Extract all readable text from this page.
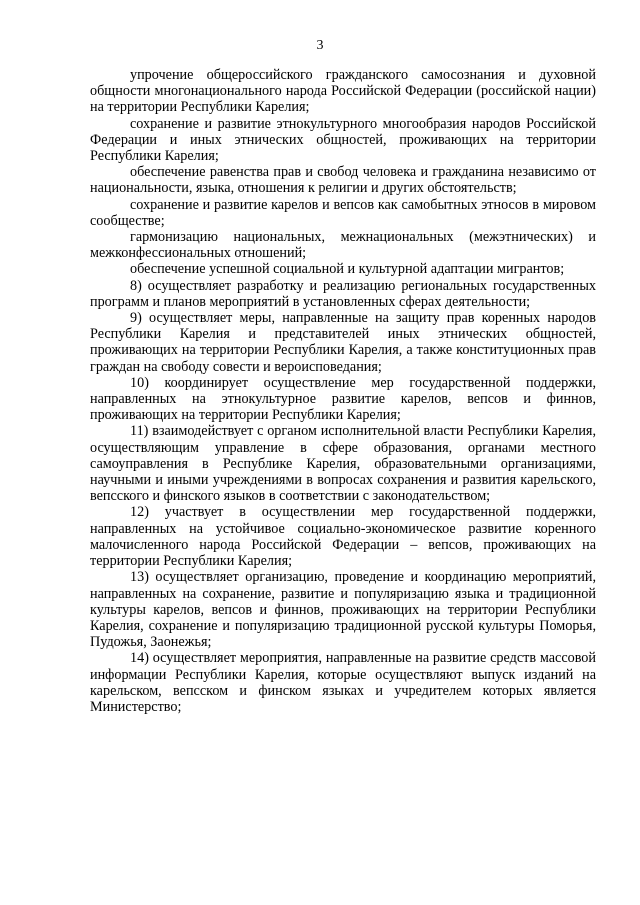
3

упрочение общероссийского гражданского самосознания и духовной общности многонационального народа Российской Федерации (российской нации) на территории Республики Карелия;

сохранение и развитие этнокультурного многообразия народов Российской Федерации и иных этнических общностей, проживающих на территории Республики Карелия;

обеспечение равенства прав и свобод человека и гражданина независимо от национальности, языка, отношения к религии и других обстоятельств;

сохранение и развитие карелов и вепсов как самобытных этносов в мировом сообществе;

гармонизацию национальных, межнациональных (межэтнических) и межконфессиональных отношений;

обеспечение успешной социальной и культурной адаптации мигрантов;

8) осуществляет разработку и реализацию региональных государственных программ и планов мероприятий в установленных сферах деятельности;

9) осуществляет меры, направленные на защиту прав коренных народов Республики Карелия и представителей иных этнических общностей, проживающих на территории Республики Карелия, а также конституционных прав граждан на свободу совести и вероисповедания;

10) координирует осуществление мер государственной поддержки, направленных на этнокультурное развитие карелов, вепсов и финнов, проживающих на территории Республики Карелия;

11) взаимодействует с органом исполнительной власти Республики Карелия, осуществляющим управление в сфере образования, органами местного самоуправления в Республике Карелия, образовательными организациями, научными и иными учреждениями в вопросах сохранения и развития карельского, вепсского и финского языков в соответствии с законодательством;

12) участвует в осуществлении мер государственной поддержки, направленных на устойчивое социально-экономическое развитие коренного малочисленного народа Российской Федерации – вепсов, проживающих на территории Республики Карелия;

13) осуществляет организацию, проведение и координацию мероприятий, направленных на сохранение, развитие и популяризацию языка и традиционной культуры карелов, вепсов и финнов, проживающих на территории Республики Карелия, сохранение и популяризацию традиционной русской культуры Поморья, Пудожья, Заонежья;

14) осуществляет мероприятия, направленные на развитие средств массовой информации Республики Карелия, которые осуществляют выпуск изданий на карельском, вепсском и финском языках и учредителем которых является Министерство;
